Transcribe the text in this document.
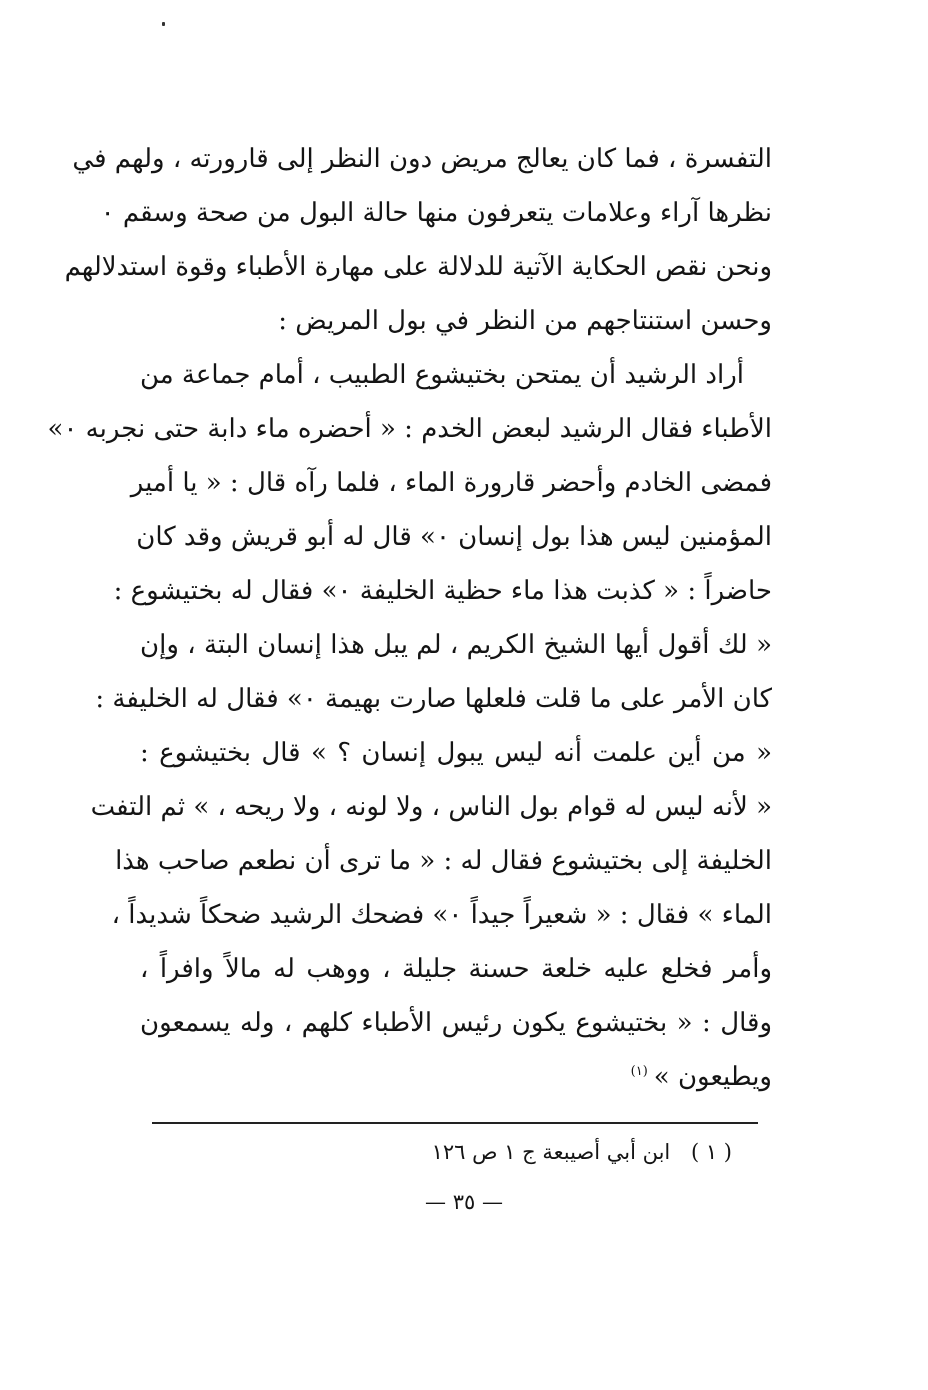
التفسرة ، فما كان يعالج مريض دون النظر إلى قارورته ، ولهم في
نظرها آراء وعلامات يتعرفون منها حالة البول من صحة وسقم ٠
ونحن نقص الحكاية الآتية للدلالة على مهارة الأطباء وقوة استدلالهم
وحسن استنتاجهم من النظر في بول المريض :
أراد الرشيد أن يمتحن بختيشوع الطبيب ، أمام جماعة من
الأطباء فقال الرشيد لبعض الخدم : « أحضره ماء دابة حتى نجربه ٠»
فمضى الخادم وأحضر قارورة الماء ، فلما رآه قال : « يا أمير
المؤمنين ليس هذا بول إنسان ٠» قال له أبو قريش وقد كان
حاضراً : « كذبت هذا ماء حظية الخليفة ٠» فقال له بختيشوع :
« لك أقول أيها الشيخ الكريم ، لم يبل هذا إنسان البتة ، وإن
كان الأمر على ما قلت فلعلها صارت بهيمة ٠» فقال له الخليفة :
« من أين علمت أنه ليس يبول إنسان ؟ » قال بختيشوع :
« لأنه ليس له قوام بول الناس ، ولا لونه ، ولا ريحه ، » ثم التفت
الخليفة إلى بختيشوع فقال له : « ما ترى أن نطعم صاحب هذا
الماء » فقال : « شعيراً جيداً ٠» فضحك الرشيد ضحكاً شديداً ،
وأمر فخلع عليه خلعة حسنة جليلة ، ووهب له مالاً وافراً ،
وقال : « بختيشوع يكون رئيس الأطباء كلهم ، وله يسمعون
ويطيعون »$^{(١)}$
( ١ ) ابن أبي أصيبعة ج ١ ص ١٢٦
— ٣٥ —
